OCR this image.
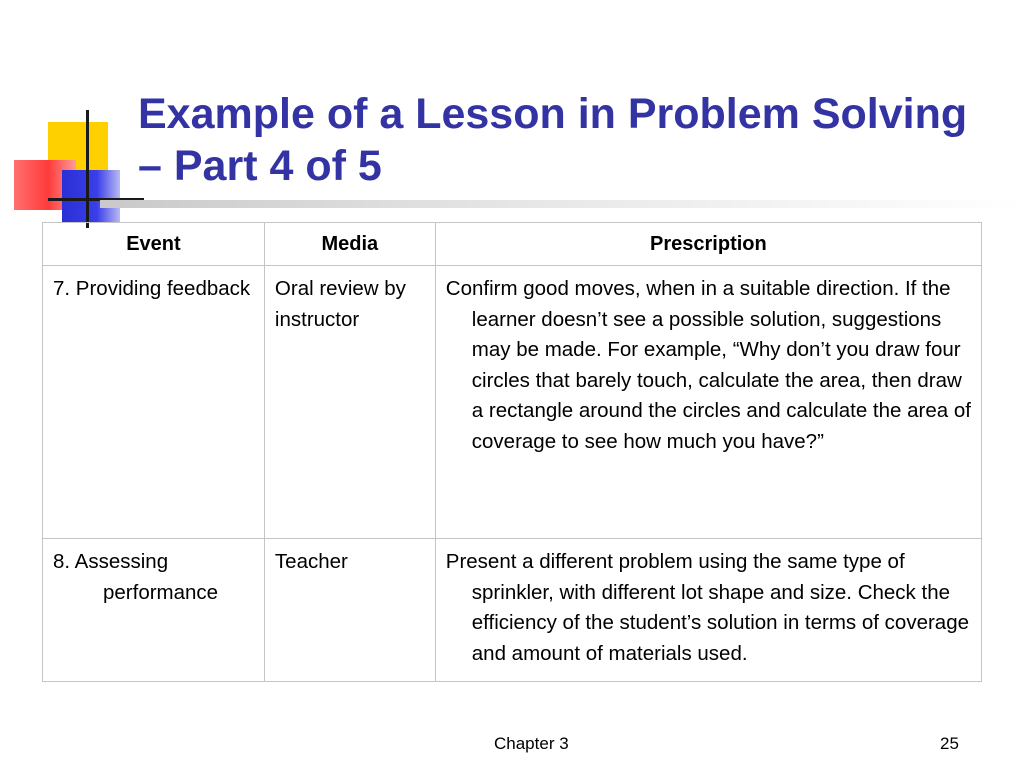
Example of a Lesson in Problem Solving – Part 4 of 5
Event	Media	Prescription

7. Providing feedback	Oral review by instructor	Confirm good moves, when in a suitable direction. If the learner doesn’t see a possible solution, suggestions may be made. For example, “Why don’t you draw four circles that barely touch, calculate the area, then draw a rectangle around the circles and calculate the area of coverage to see how much you have?”

8. Assessing performance	Teacher	Present a different problem using the same type of sprinkler, with different lot shape and size. Check the efficiency of the student’s solution in terms of coverage and amount of materials used.
Chapter 3	25
